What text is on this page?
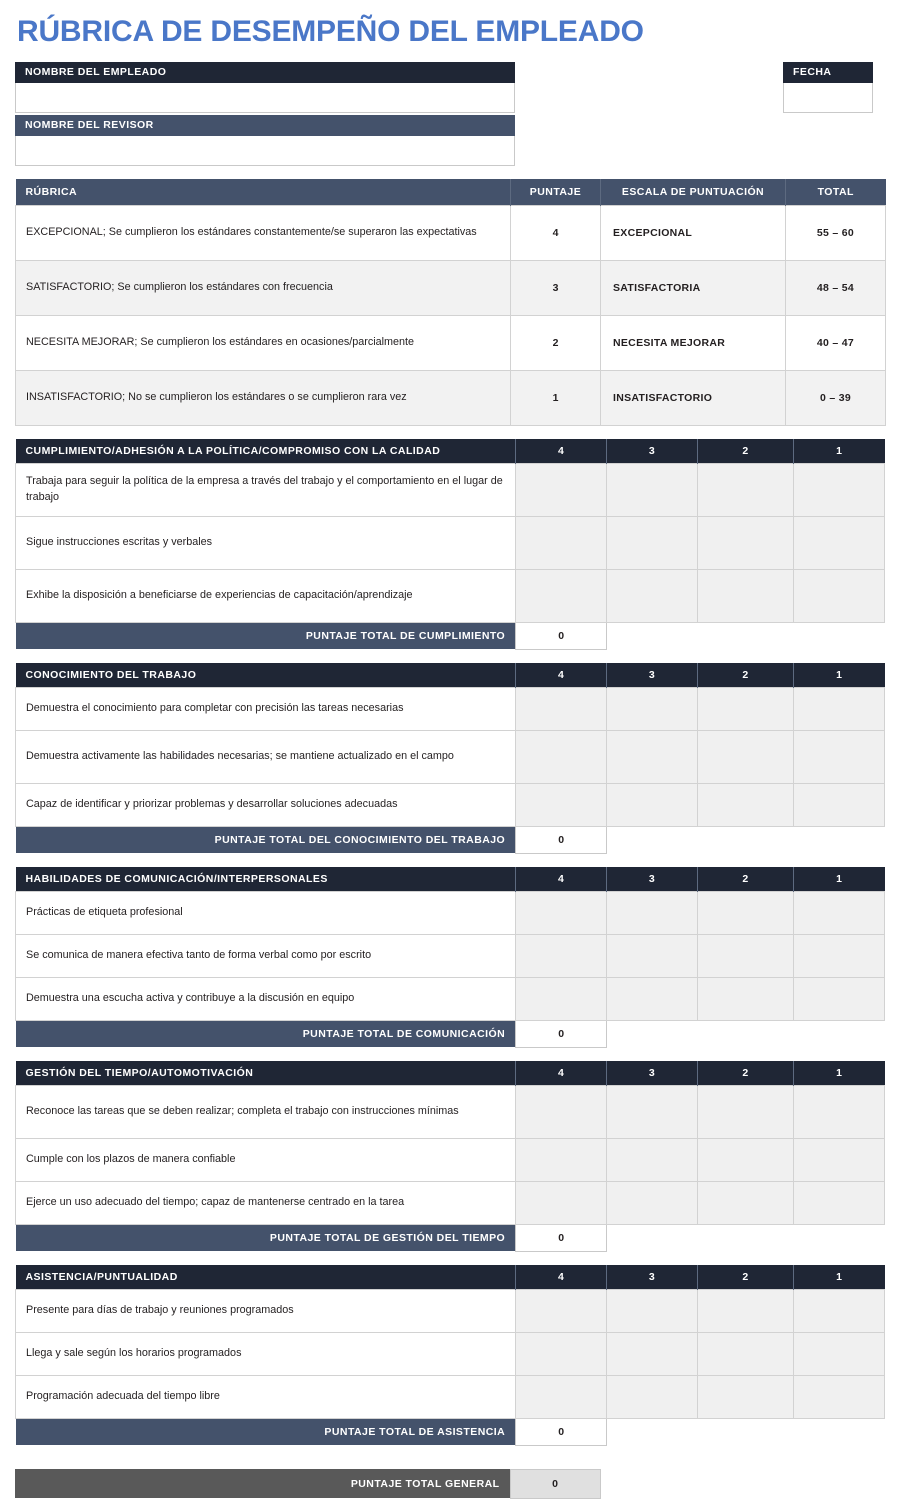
RÚBRICA DE DESEMPEÑO DEL EMPLEADO
NOMBRE DEL EMPLEADO
NOMBRE DEL REVISOR
FECHA
RÚBRICA	PUNTAJE	ESCALA DE PUNTUACIÓN	TOTAL
EXCEPCIONAL; Se cumplieron los estándares constantemente/se superaron las expectativas	4	EXCEPCIONAL	55 – 60
SATISFACTORIO; Se cumplieron los estándares con frecuencia	3	SATISFACTORIA	48 – 54
NECESITA MEJORAR; Se cumplieron los estándares en ocasiones/parcialmente	2	NECESITA MEJORAR	40 – 47
INSATISFACTORIO; No se cumplieron los estándares o se cumplieron rara vez	1	INSATISFACTORIO	0 – 39
CUMPLIMIENTO/ADHESIÓN A LA POLÍTICA/COMPROMISO CON LA CALIDAD	4	3	2	1
Trabaja para seguir la política de la empresa a través del trabajo y el comportamiento en el lugar de trabajo				
Sigue instrucciones escritas y verbales				
Exhibe la disposición a beneficiarse de experiencias de capacitación/aprendizaje				
PUNTAJE TOTAL DE CUMPLIMIENTO	0			
CONOCIMIENTO DEL TRABAJO	4	3	2	1
Demuestra el conocimiento para completar con precisión las tareas necesarias				
Demuestra activamente las habilidades necesarias; se mantiene actualizado en el campo				
Capaz de identificar y priorizar problemas y desarrollar soluciones adecuadas				
PUNTAJE TOTAL DEL CONOCIMIENTO DEL TRABAJO	0			
HABILIDADES DE COMUNICACIÓN/INTERPERSONALES	4	3	2	1
Prácticas de etiqueta profesional				
Se comunica de manera efectiva tanto de forma verbal como por escrito				
Demuestra una escucha activa y contribuye a la discusión en equipo				
PUNTAJE TOTAL DE COMUNICACIÓN	0			
GESTIÓN DEL TIEMPO/AUTOMOTIVACIÓN	4	3	2	1
Reconoce las tareas que se deben realizar; completa el trabajo con instrucciones mínimas				
Cumple con los plazos de manera confiable				
Ejerce un uso adecuado del tiempo; capaz de mantenerse centrado en la tarea				
PUNTAJE TOTAL DE GESTIÓN DEL TIEMPO	0			
ASISTENCIA/PUNTUALIDAD	4	3	2	1
Presente para días de trabajo y reuniones programados				
Llega y sale según los horarios programados				
Programación adecuada del tiempo libre				
PUNTAJE TOTAL DE ASISTENCIA	0			
PUNTAJE TOTAL GENERAL	0	
